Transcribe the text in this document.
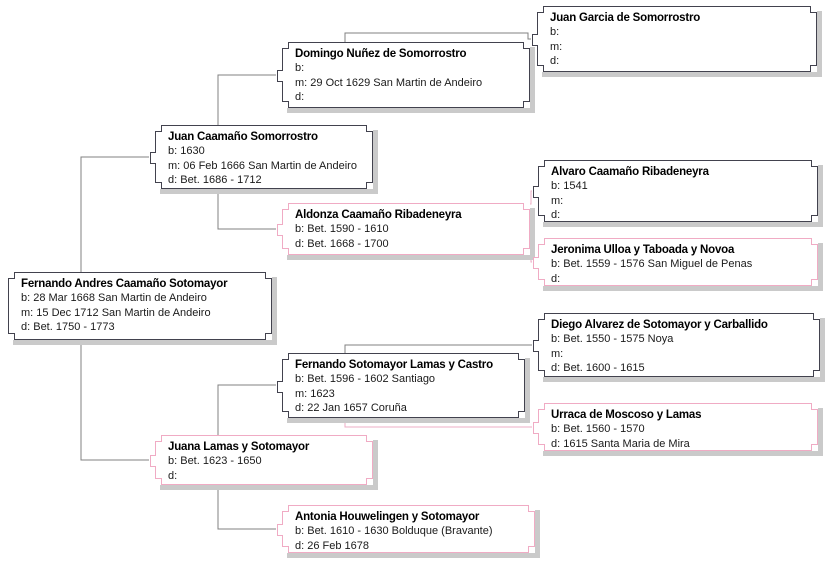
Fernando Andres Caamaño Sotomayor
b: 28 Mar 1668 San Martin de Andeiro
m: 15 Dec 1712 San Martin de Andeiro
d: Bet. 1750 - 1773
Juan Caamaño Somorrostro
b: 1630
m: 06 Feb 1666 San Martin de Andeiro
d: Bet. 1686 - 1712
Juana Lamas y Sotomayor
b: Bet. 1623 - 1650
d:
Domingo Nuñez de Somorrostro
b:
m: 29 Oct 1629 San Martin de Andeiro
d:
Aldonza Caamaño Ribadeneyra
b: Bet. 1590 - 1610
d: Bet. 1668 - 1700
Fernando Sotomayor Lamas y Castro
b: Bet. 1596 - 1602 Santiago
m: 1623
d: 22 Jan 1657 Coruña
Antonia Houwelingen y Sotomayor
b: Bet. 1610 - 1630 Bolduque (Bravante)
d: 26 Feb 1678
Juan Garcia de Somorrostro
b:
m:
d:
Alvaro Caamaño Ribadeneyra
b: 1541
m:
d:
Jeronima Ulloa y Taboada y Novoa
b: Bet. 1559 - 1576 San Miguel de Penas
d:
Diego Alvarez de Sotomayor y Carballido
b: Bet. 1550 - 1575 Noya
m:
d: Bet. 1600 - 1615
Urraca de Moscoso y Lamas
b: Bet. 1560 - 1570
d: 1615 Santa Maria de Mira
